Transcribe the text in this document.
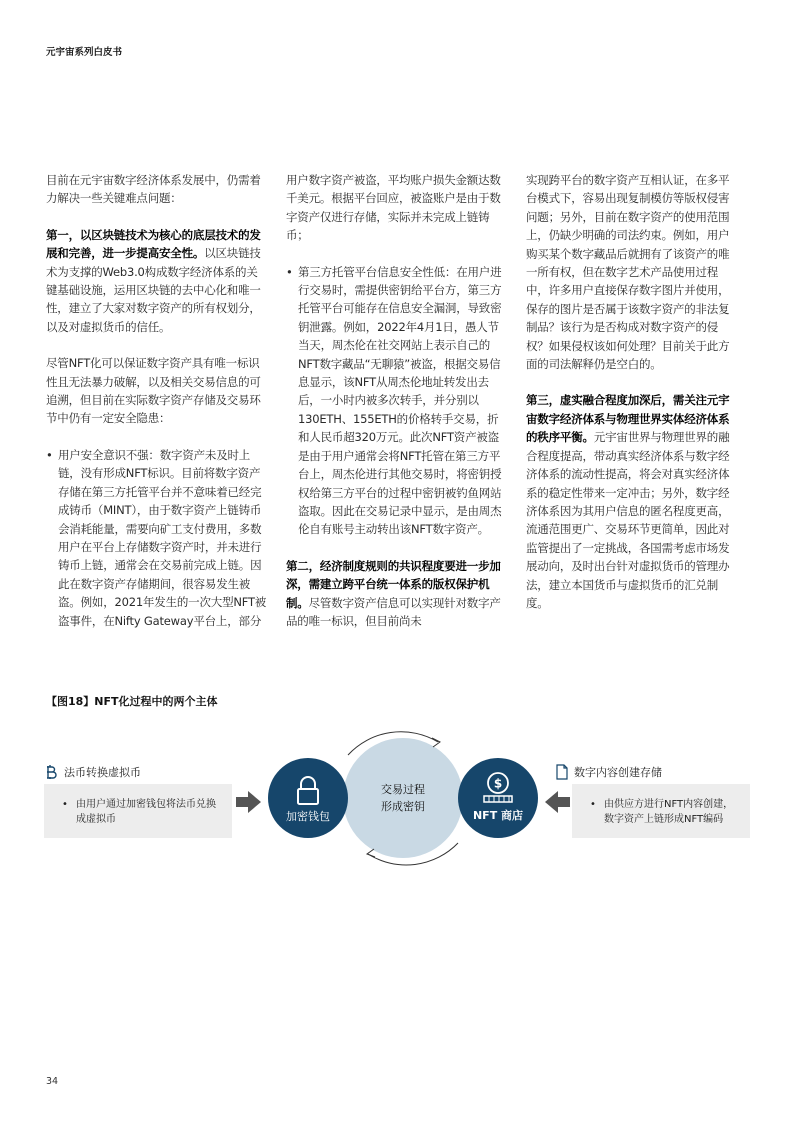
元宇宙系列白皮书

目前在元宇宙数字经济体系发展中，仍需着力解决一些关键难点问题：

第一，以区块链技术为核心的底层技术的发展和完善，进一步提高安全性。以区块链技术为支撑的Web3.0构成数字经济体系的关键基础设施，运用区块链的去中心化和唯一性，建立了大家对数字资产的所有权划分，以及对虚拟货币的信任。

尽管NFT化可以保证数字资产具有唯一标识性且无法暴力破解，以及相关交易信息的可追溯，但目前在实际数字资产存储及交易环节中仍有一定安全隐患：

• 用户安全意识不强：数字资产未及时上链，没有形成NFT标识。目前将数字资产存储在第三方托管平台并不意味着已经完成铸币（MINT），由于数字资产上链铸币会消耗能量，需要向矿工支付费用，多数用户在平台上存储数字资产时，并未进行铸币上链，通常会在交易前完成上链。因此在数字资产存储期间，很容易发生被盗。例如，2021年发生的一次大型NFT被盗事件，在Nifty Gateway平台上，部分

用户数字资产被盗，平均账户损失金额达数千美元。根据平台回应，被盗账户是由于数字资产仅进行存储，实际并未完成上链铸币；

• 第三方托管平台信息安全性低：在用户进行交易时，需提供密钥给平台方，第三方托管平台可能存在信息安全漏洞，导致密钥泄露。例如，2022年4月1日，愚人节当天，周杰伦在社交网站上表示自己的NFT数字藏品“无聊猿”被盗，根据交易信息显示，该NFT从周杰伦地址转发出去后，一小时内被多次转手，并分别以130ETH、155ETH的价格转手交易，折和人民币超320万元。此次NFT资产被盗是由于用户通常会将NFT托管在第三方平台上，周杰伦进行其他交易时，将密钥授权给第三方平台的过程中密钥被钓鱼网站盗取。因此在交易记录中显示，是由周杰伦自有账号主动转出该NFT数字资产。

第二，经济制度规则的共识程度要进一步加深，需建立跨平台统一体系的版权保护机制。尽管数字资产信息可以实现针对数字产品的唯一标识，但目前尚未

实现跨平台的数字资产互相认证，在多平台模式下，容易出现复制模仿等版权侵害问题；另外，目前在数字资产的使用范围上，仍缺少明确的司法约束。例如，用户购买某个数字藏品后就拥有了该资产的唯一所有权，但在数字艺术产品使用过程中，许多用户直接保存数字图片并使用，保存的图片是否属于该数字资产的非法复制品？该行为是否构成对数字资产的侵权？如果侵权该如何处理？目前关于此方面的司法解释仍是空白的。

第三，虚实融合程度加深后，需关注元宇宙数字经济体系与物理世界实体经济体系的秩序平衡。元宇宙世界与物理世界的融合程度提高，带动真实经济体系与数字经济体系的流动性提高，将会对真实经济体系的稳定性带来一定冲击；另外，数字经济体系因为其用户信息的匿名程度更高，流通范围更广、交易环节更简单，因此对监管提出了一定挑战，各国需考虑市场发展动向，及时出台针对虚拟货币的管理办法，建立本国货币与虚拟货币的汇兑制度。

【图18】NFT化过程中的两个主体
法币转换虚拟币
• 由用户通过加密钱包将法币兑换成虚拟币
数字内容创建存储
• 由供应方进行NFT内容创建，数字资产上链形成NFT编码
加密钱包
$
NFT 商店
交易过程
形成密钥
34
